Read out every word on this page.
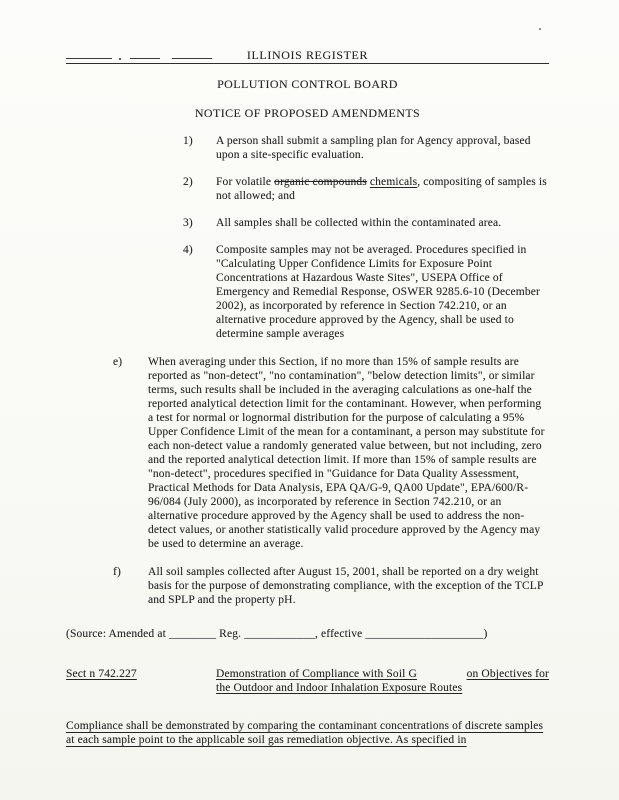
ILLINOIS REGISTER
POLLUTION CONTROL BOARD
NOTICE OF PROPOSED AMENDMENTS
1)	A person shall submit a sampling plan for Agency approval, based upon a site-specific evaluation.
2)	For volatile organic compounds chemicals, compositing of samples is not allowed; and
3)	All samples shall be collected within the contaminated area.
4)	Composite samples may not be averaged. Procedures specified in "Calculating Upper Confidence Limits for Exposure Point Concentrations at Hazardous Waste Sites", USEPA Office of Emergency and Remedial Response, OSWER 9285.6-10 (December 2002), as incorporated by reference in Section 742.210, or an alternative procedure approved by the Agency, shall be used to determine sample averages
e)	When averaging under this Section, if no more than 15% of sample results are reported as "non-detect", "no contamination", "below detection limits", or similar terms, such results shall be included in the averaging calculations as one-half the reported analytical detection limit for the contaminant. However, when performing a test for normal or lognormal distribution for the purpose of calculating a 95% Upper Confidence Limit of the mean for a contaminant, a person may substitute for each non-detect value a randomly generated value between, but not including, zero and the reported analytical detection limit. If more than 15% of sample results are "non-detect", procedures specified in "Guidance for Data Quality Assessment, Practical Methods for Data Analysis, EPA QA/G-9, QA00 Update", EPA/600/R-96/084 (July 2000), as incorporated by reference in Section 742.210, or an alternative procedure approved by the Agency shall be used to address the non-detect values, or another statistically valid procedure approved by the Agency may be used to determine an average.
f)	All soil samples collected after August 15, 2001, shall be reported on a dry weight basis for the purpose of demonstrating compliance, with the exception of the TCLP and SPLP and the property pH.
(Source: Amended at ________ Reg. ____________, effective ____________________)
Sect n 742.227	Demonstration of Compliance with Soil G	on Objectives for
the Outdoor and Indoor Inhalation Exposure Routes
Compliance shall be demonstrated by comparing the contaminant concentrations of discrete samples at each sample point to the applicable soil gas remediation objective. As specified in
